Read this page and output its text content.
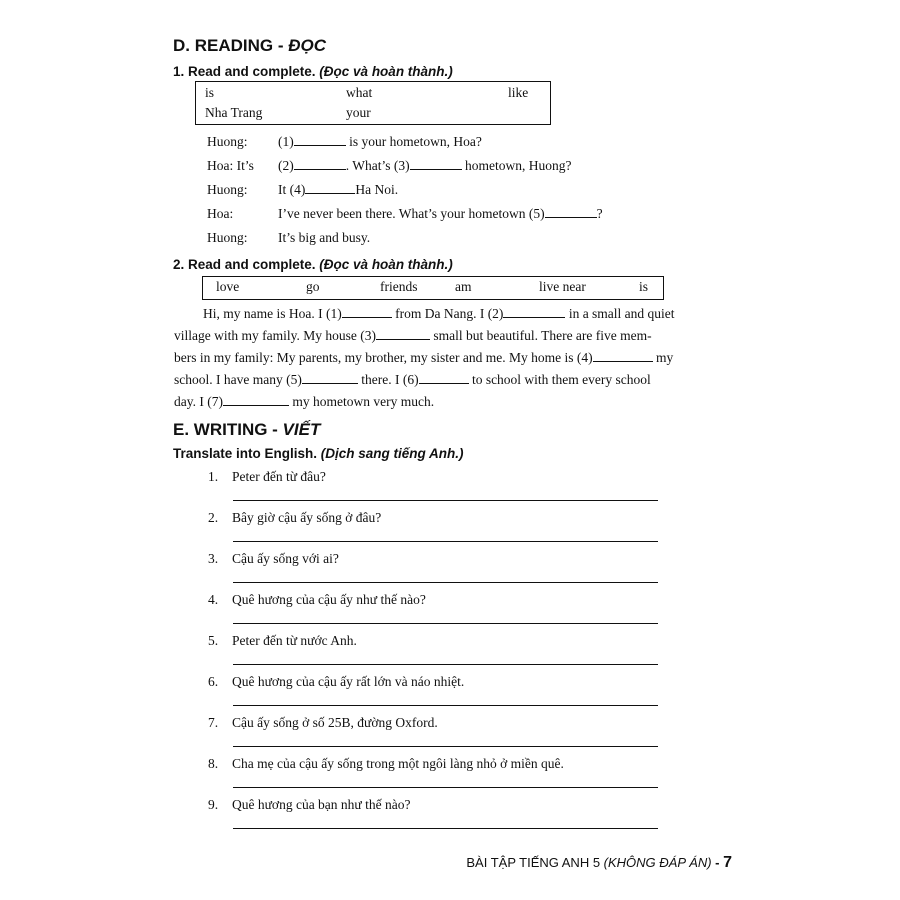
D. READING - ĐỌC
1. Read and complete. (Đọc và hoàn thành.)
is	what	like
Nha Trang	your
Huong: (1)	is your hometown, Hoa?
Hoa: It’s (2)	. What’s (3)	hometown, Huong?
Huong: It (4)	Ha Noi.
Hoa:	I’ve never been there. What’s your hometown (5)	?
Huong: It’s big and busy.
2. Read and complete. (Đọc và hoàn thành.)
love	go	friends	am	live near	is
Hi, my name is Hoa. I (1)	from Da Nang. I (2)	in a small and quiet
village with my family. My house (3)	small but beautiful. There are five mem-
bers in my family: My parents, my brother, my sister and me. My home is (4)	my
school. I have many (5)	there. I (6)	to school with them every school
day. I (7)	my hometown very much.
E. WRITING - VIẾT
Translate into English. (Dịch sang tiếng Anh.)
1. Peter đến từ đâu?
2. Bây giờ cậu ấy sống ở đâu?
3. Cậu ấy sống với ai?
4. Quê hương của cậu ấy như thế nào?
5. Peter đến từ nước Anh.
6. Quê hương của cậu ấy rất lớn và náo nhiệt.
7. Cậu ấy sống ở số 25B, đường Oxford.
8. Cha mẹ của cậu ấy sống trong một ngôi làng nhỏ ở miền quê.
9. Quê hương của bạn như thế nào?
BÀI TẬP TIẾNG ANH 5 (KHÔNG ĐÁP ÁN) - 7
